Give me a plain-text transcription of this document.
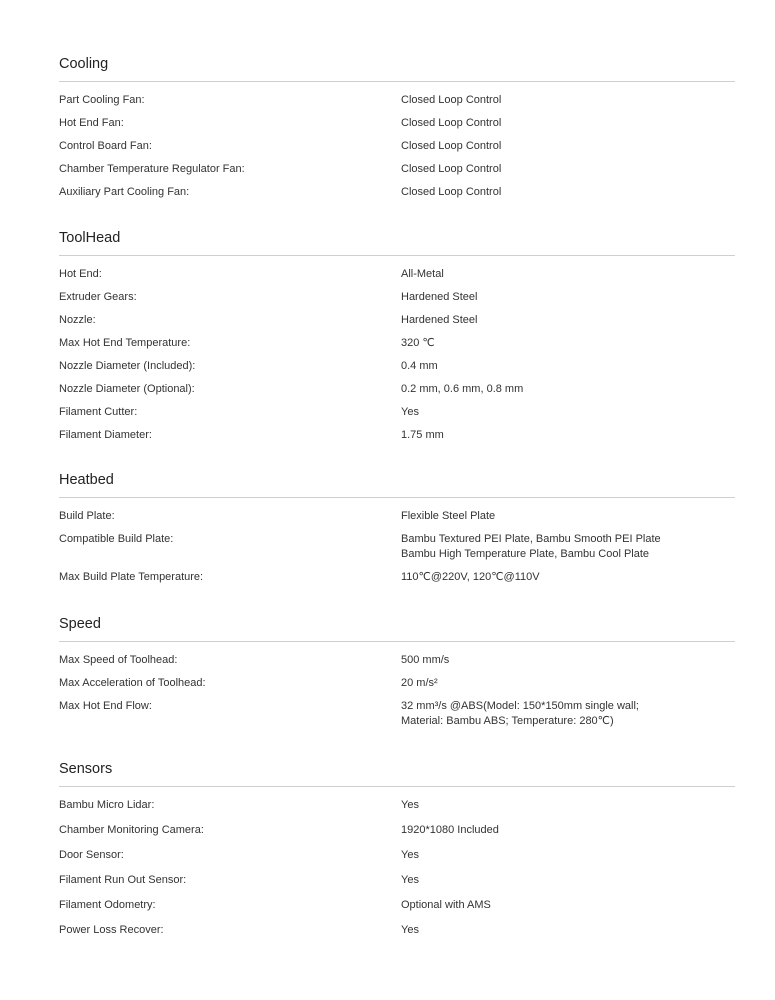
Cooling
Part Cooling Fan:	Closed Loop Control
Hot End Fan:	Closed Loop Control
Control Board Fan:	Closed Loop Control
Chamber Temperature Regulator Fan:	Closed Loop Control
Auxiliary Part Cooling Fan:	Closed Loop Control
ToolHead
Hot End:	All-Metal
Extruder Gears:	Hardened Steel
Nozzle:	Hardened Steel
Max Hot End Temperature:	320 ℃
Nozzle Diameter (Included):	0.4 mm
Nozzle Diameter (Optional):	0.2 mm, 0.6 mm, 0.8 mm
Filament Cutter:	Yes
Filament Diameter:	1.75 mm
Heatbed
Build Plate:	Flexible Steel Plate
Compatible Build Plate:	Bambu Textured PEI Plate, Bambu Smooth PEI Plate
Bambu High Temperature Plate, Bambu Cool Plate
Max Build Plate Temperature:	110℃@220V, 120℃@110V
Speed
Max Speed of Toolhead:	500 mm/s
Max Acceleration of Toolhead:	20 m/s²
Max Hot End Flow:	32 mm³/s @ABS(Model: 150*150mm single wall;
Material: Bambu ABS; Temperature: 280℃)
Sensors
Bambu Micro Lidar:	Yes
Chamber Monitoring Camera:	1920*1080 Included
Door Sensor:	Yes
Filament Run Out Sensor:	Yes
Filament Odometry:	Optional with AMS
Power Loss Recover:	Yes
